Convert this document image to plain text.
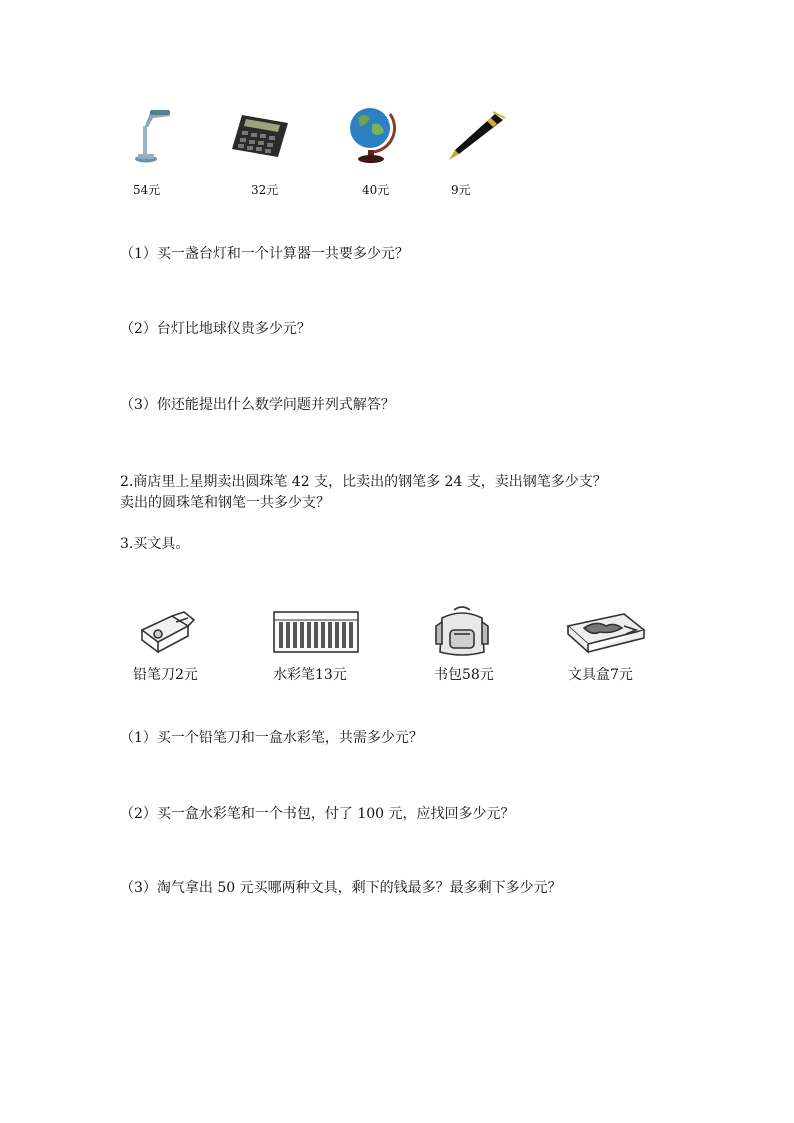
54元	32元	40元	9元
（1）买一盏台灯和一个计算器一共要多少元？
（2）台灯比地球仪贵多少元？
（3）你还能提出什么数学问题并列式解答？
2.商店里上星期卖出圆珠笔 42 支，比卖出的钢笔多 24 支，卖出钢笔多少支？
卖出的圆珠笔和钢笔一共多少支？
3.买文具。
铅笔刀2元	水彩笔13元	书包58元	文具盒7元
（1）买一个铅笔刀和一盒水彩笔，共需多少元？
（2）买一盒水彩笔和一个书包，付了 100 元，应找回多少元？
（3）淘气拿出 50 元买哪两种文具，剩下的钱最多？最多剩下多少元？
